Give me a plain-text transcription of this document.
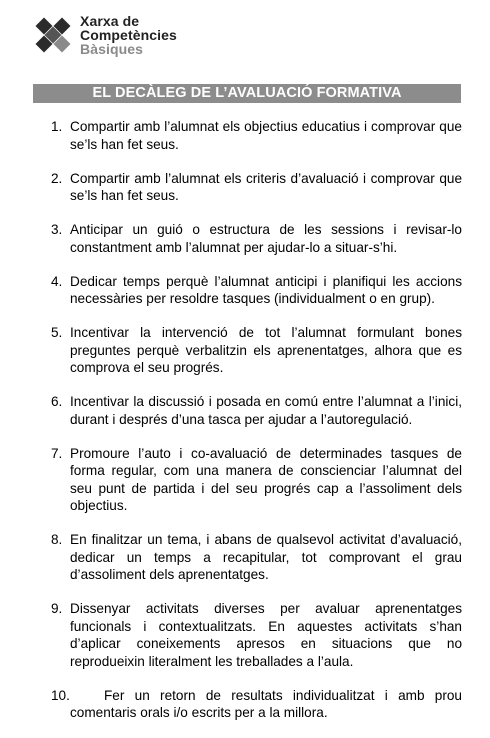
Xarxa de
Competències
Bàsiques
EL DECÀLEG DE L’AVALUACIÓ FORMATIVA
1. Compartir amb l’alumnat els objectius educatius i comprovar que se’ls han fet seus.
2. Compartir amb l’alumnat els criteris d’avaluació i comprovar que se’ls han fet seus.
3. Anticipar un guió o estructura de les sessions i revisar-lo constantment amb l’alumnat per ajudar-lo a situar-s’hi.
4. Dedicar temps perquè l’alumnat anticipi i planifiqui les accions necessàries per resoldre tasques (individualment o en grup).
5. Incentivar la intervenció de tot l’alumnat formulant bones preguntes perquè verbalitzin els aprenentatges, alhora que es comprova el seu progrés.
6. Incentivar la discussió i posada en comú entre l’alumnat a l’inici, durant i després d’una tasca per ajudar a l’autoregulació.
7. Promoure l’auto i co-avaluació de determinades tasques de forma regular, com una manera de conscienciar l’alumnat del seu punt de partida i del seu progrés cap a l’assoliment dels objectius.
8. En finalitzar un tema, i abans de qualsevol activitat d’avaluació, dedicar un temps a recapitular, tot comprovant el grau d’assoliment dels aprenentatges.
9. Dissenyar activitats diverses per avaluar aprenentatges funcionals i contextualitzats. En aquestes activitats s’han d’aplicar coneixements apresos en situacions que no reprodueixin literalment les treballades a l’aula.
10.	Fer un retorn de resultats individualitzat i amb prou comentaris orals i/o escrits per a la millora.
